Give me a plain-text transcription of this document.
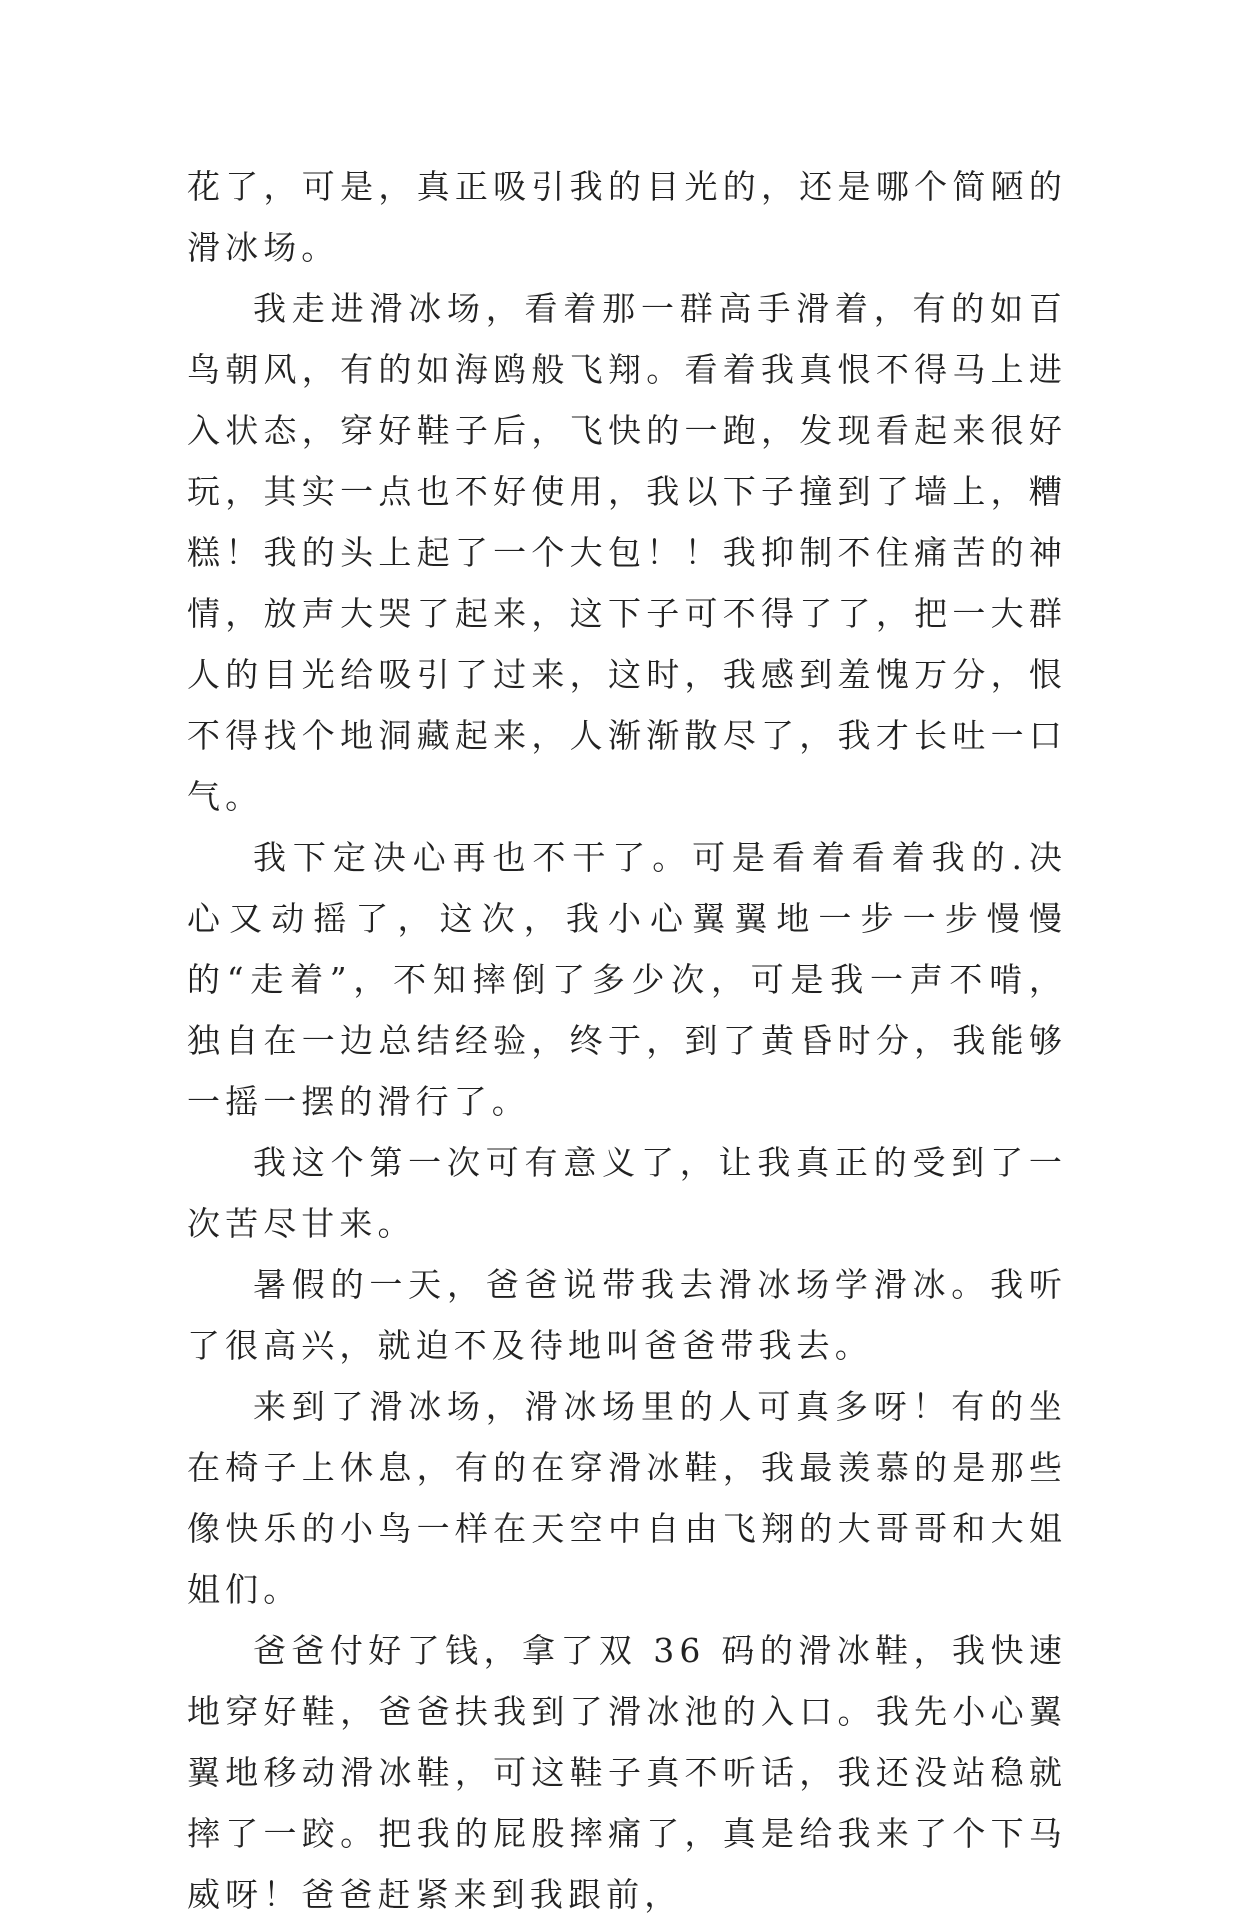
花了，可是，真正吸引我的目光的，还是哪个简陋的滑冰场。

我走进滑冰场，看着那一群高手滑着，有的如百鸟朝风，有的如海鸥般飞翔。看着我真恨不得马上进入状态，穿好鞋子后，飞快的一跑，发现看起来很好玩，其实一点也不好使用，我以下子撞到了墙上，糟糕！我的头上起了一个大包！！我抑制不住痛苦的神情，放声大哭了起来，这下子可不得了了，把一大群人的目光给吸引了过来，这时，我感到羞愧万分，恨不得找个地洞藏起来，人渐渐散尽了，我才长吐一口气。

我下定决心再也不干了。可是看着看着我的.决心又动摇了，这次，我小心翼翼地一步一步慢慢的“走着”，不知摔倒了多少次，可是我一声不啃，独自在一边总结经验，终于，到了黄昏时分，我能够一摇一摆的滑行了。

我这个第一次可有意义了，让我真正的受到了一次苦尽甘来。

暑假的一天，爸爸说带我去滑冰场学滑冰。我听了很高兴，就迫不及待地叫爸爸带我去。

来到了滑冰场，滑冰场里的人可真多呀！有的坐在椅子上休息，有的在穿滑冰鞋，我最羡慕的是那些像快乐的小鸟一样在天空中自由飞翔的大哥哥和大姐姐们。

爸爸付好了钱，拿了双 36 码的滑冰鞋，我快速地穿好鞋，爸爸扶我到了滑冰池的入口。我先小心翼翼地移动滑冰鞋，可这鞋子真不听话，我还没站稳就摔了一跤。把我的屁股摔痛了，真是给我来了个下马威呀！爸爸赶紧来到我跟前，
